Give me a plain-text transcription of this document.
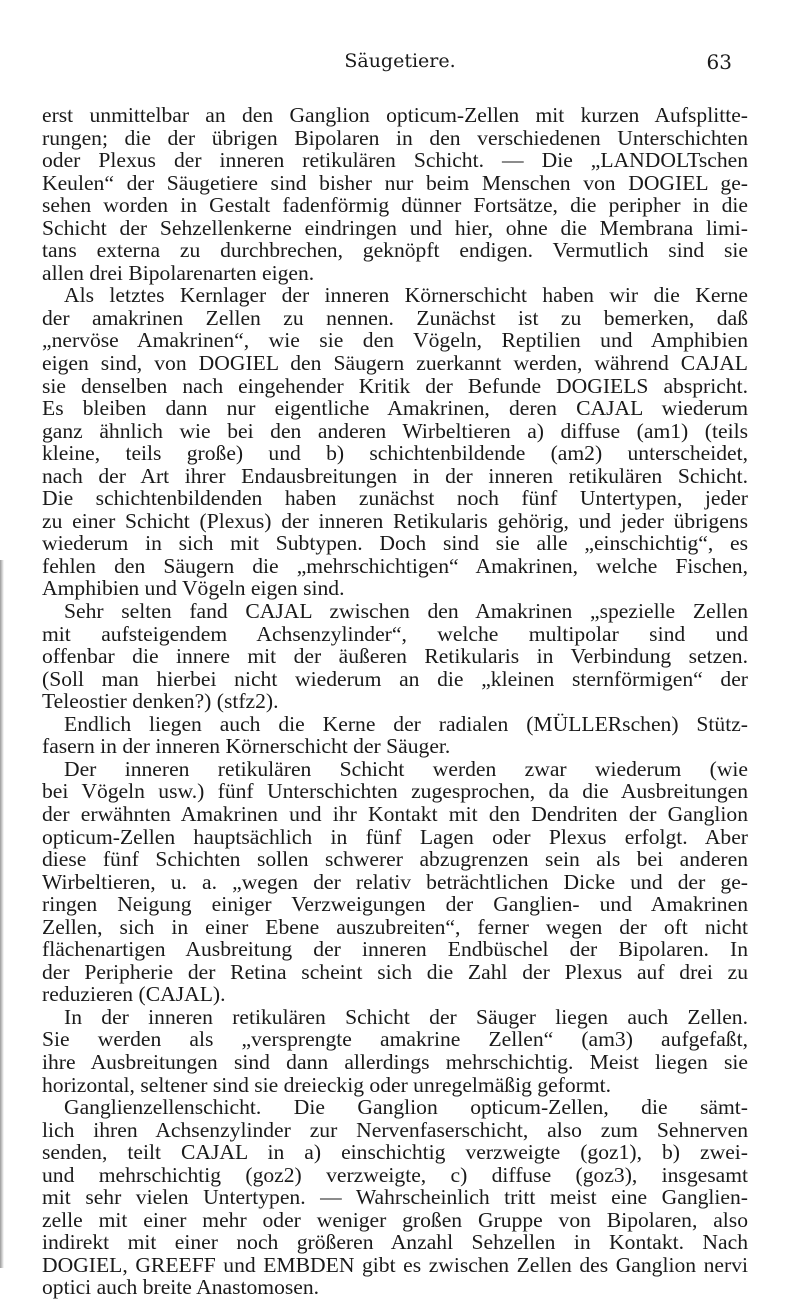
Säugetiere.	63
erst unmittelbar an den Ganglion opticum-Zellen mit kurzen Aufsplitte-
rungen; die der übrigen Bipolaren in den verschiedenen Unterschichten
oder Plexus der inneren retikulären Schicht. — Die „LANDOLTschen
Keulen“ der Säugetiere sind bisher nur beim Menschen von DOGIEL ge-
sehen worden in Gestalt fadenförmig dünner Fortsätze, die peripher in die
Schicht der Sehzellenkerne eindringen und hier, ohne die Membrana limi-
tans externa zu durchbrechen, geknöpft endigen. Vermutlich sind sie
allen drei Bipolarenarten eigen.
Als letztes Kernlager der inneren Körnerschicht haben wir die Kerne
der amakrinen Zellen zu nennen. Zunächst ist zu bemerken, daß
„nervöse Amakrinen“, wie sie den Vögeln, Reptilien und Amphibien
eigen sind, von DOGIEL den Säugern zuerkannt werden, während CAJAL
sie denselben nach eingehender Kritik der Befunde DOGIELS abspricht.
Es bleiben dann nur eigentliche Amakrinen, deren CAJAL wiederum
ganz ähnlich wie bei den anderen Wirbeltieren a) diffuse (am1) (teils
kleine, teils große) und b) schichtenbildende (am2) unterscheidet,
nach der Art ihrer Endausbreitungen in der inneren retikulären Schicht.
Die schichtenbildenden haben zunächst noch fünf Untertypen, jeder
zu einer Schicht (Plexus) der inneren Retikularis gehörig, und jeder übrigens
wiederum in sich mit Subtypen. Doch sind sie alle „einschichtig“, es
fehlen den Säugern die „mehrschichtigen“ Amakrinen, welche Fischen,
Amphibien und Vögeln eigen sind.
Sehr selten fand CAJAL zwischen den Amakrinen „spezielle Zellen
mit aufsteigendem Achsenzylinder“, welche multipolar sind und
offenbar die innere mit der äußeren Retikularis in Verbindung setzen.
(Soll man hierbei nicht wiederum an die „kleinen sternförmigen“ der
Teleostier denken?) (stfz2).
Endlich liegen auch die Kerne der radialen (MÜLLERschen) Stütz-
fasern in der inneren Körnerschicht der Säuger.
Der inneren retikulären Schicht werden zwar wiederum (wie
bei Vögeln usw.) fünf Unterschichten zugesprochen, da die Ausbreitungen
der erwähnten Amakrinen und ihr Kontakt mit den Dendriten der Ganglion
opticum-Zellen hauptsächlich in fünf Lagen oder Plexus erfolgt. Aber
diese fünf Schichten sollen schwerer abzugrenzen sein als bei anderen
Wirbeltieren, u. a. „wegen der relativ beträchtlichen Dicke und der ge-
ringen Neigung einiger Verzweigungen der Ganglien- und Amakrinen
Zellen, sich in einer Ebene auszubreiten“, ferner wegen der oft nicht
flächenartigen Ausbreitung der inneren Endbüschel der Bipolaren. In
der Peripherie der Retina scheint sich die Zahl der Plexus auf drei zu
reduzieren (CAJAL).
In der inneren retikulären Schicht der Säuger liegen auch Zellen.
Sie werden als „versprengte amakrine Zellen“ (am3) aufgefaßt,
ihre Ausbreitungen sind dann allerdings mehrschichtig. Meist liegen sie
horizontal, seltener sind sie dreieckig oder unregelmäßig geformt.
Ganglienzellenschicht. Die Ganglion opticum-Zellen, die sämt-
lich ihren Achsenzylinder zur Nervenfaserschicht, also zum Sehnerven
senden, teilt CAJAL in a) einschichtig verzweigte (goz1), b) zwei-
und mehrschichtig (goz2) verzweigte, c) diffuse (goz3), insgesamt
mit sehr vielen Untertypen. — Wahrscheinlich tritt meist eine Ganglien-
zelle mit einer mehr oder weniger großen Gruppe von Bipolaren, also
indirekt mit einer noch größeren Anzahl Sehzellen in Kontakt. Nach
DOGIEL, GREEFF und EMBDEN gibt es zwischen Zellen des Ganglion nervi
optici auch breite Anastomosen.
